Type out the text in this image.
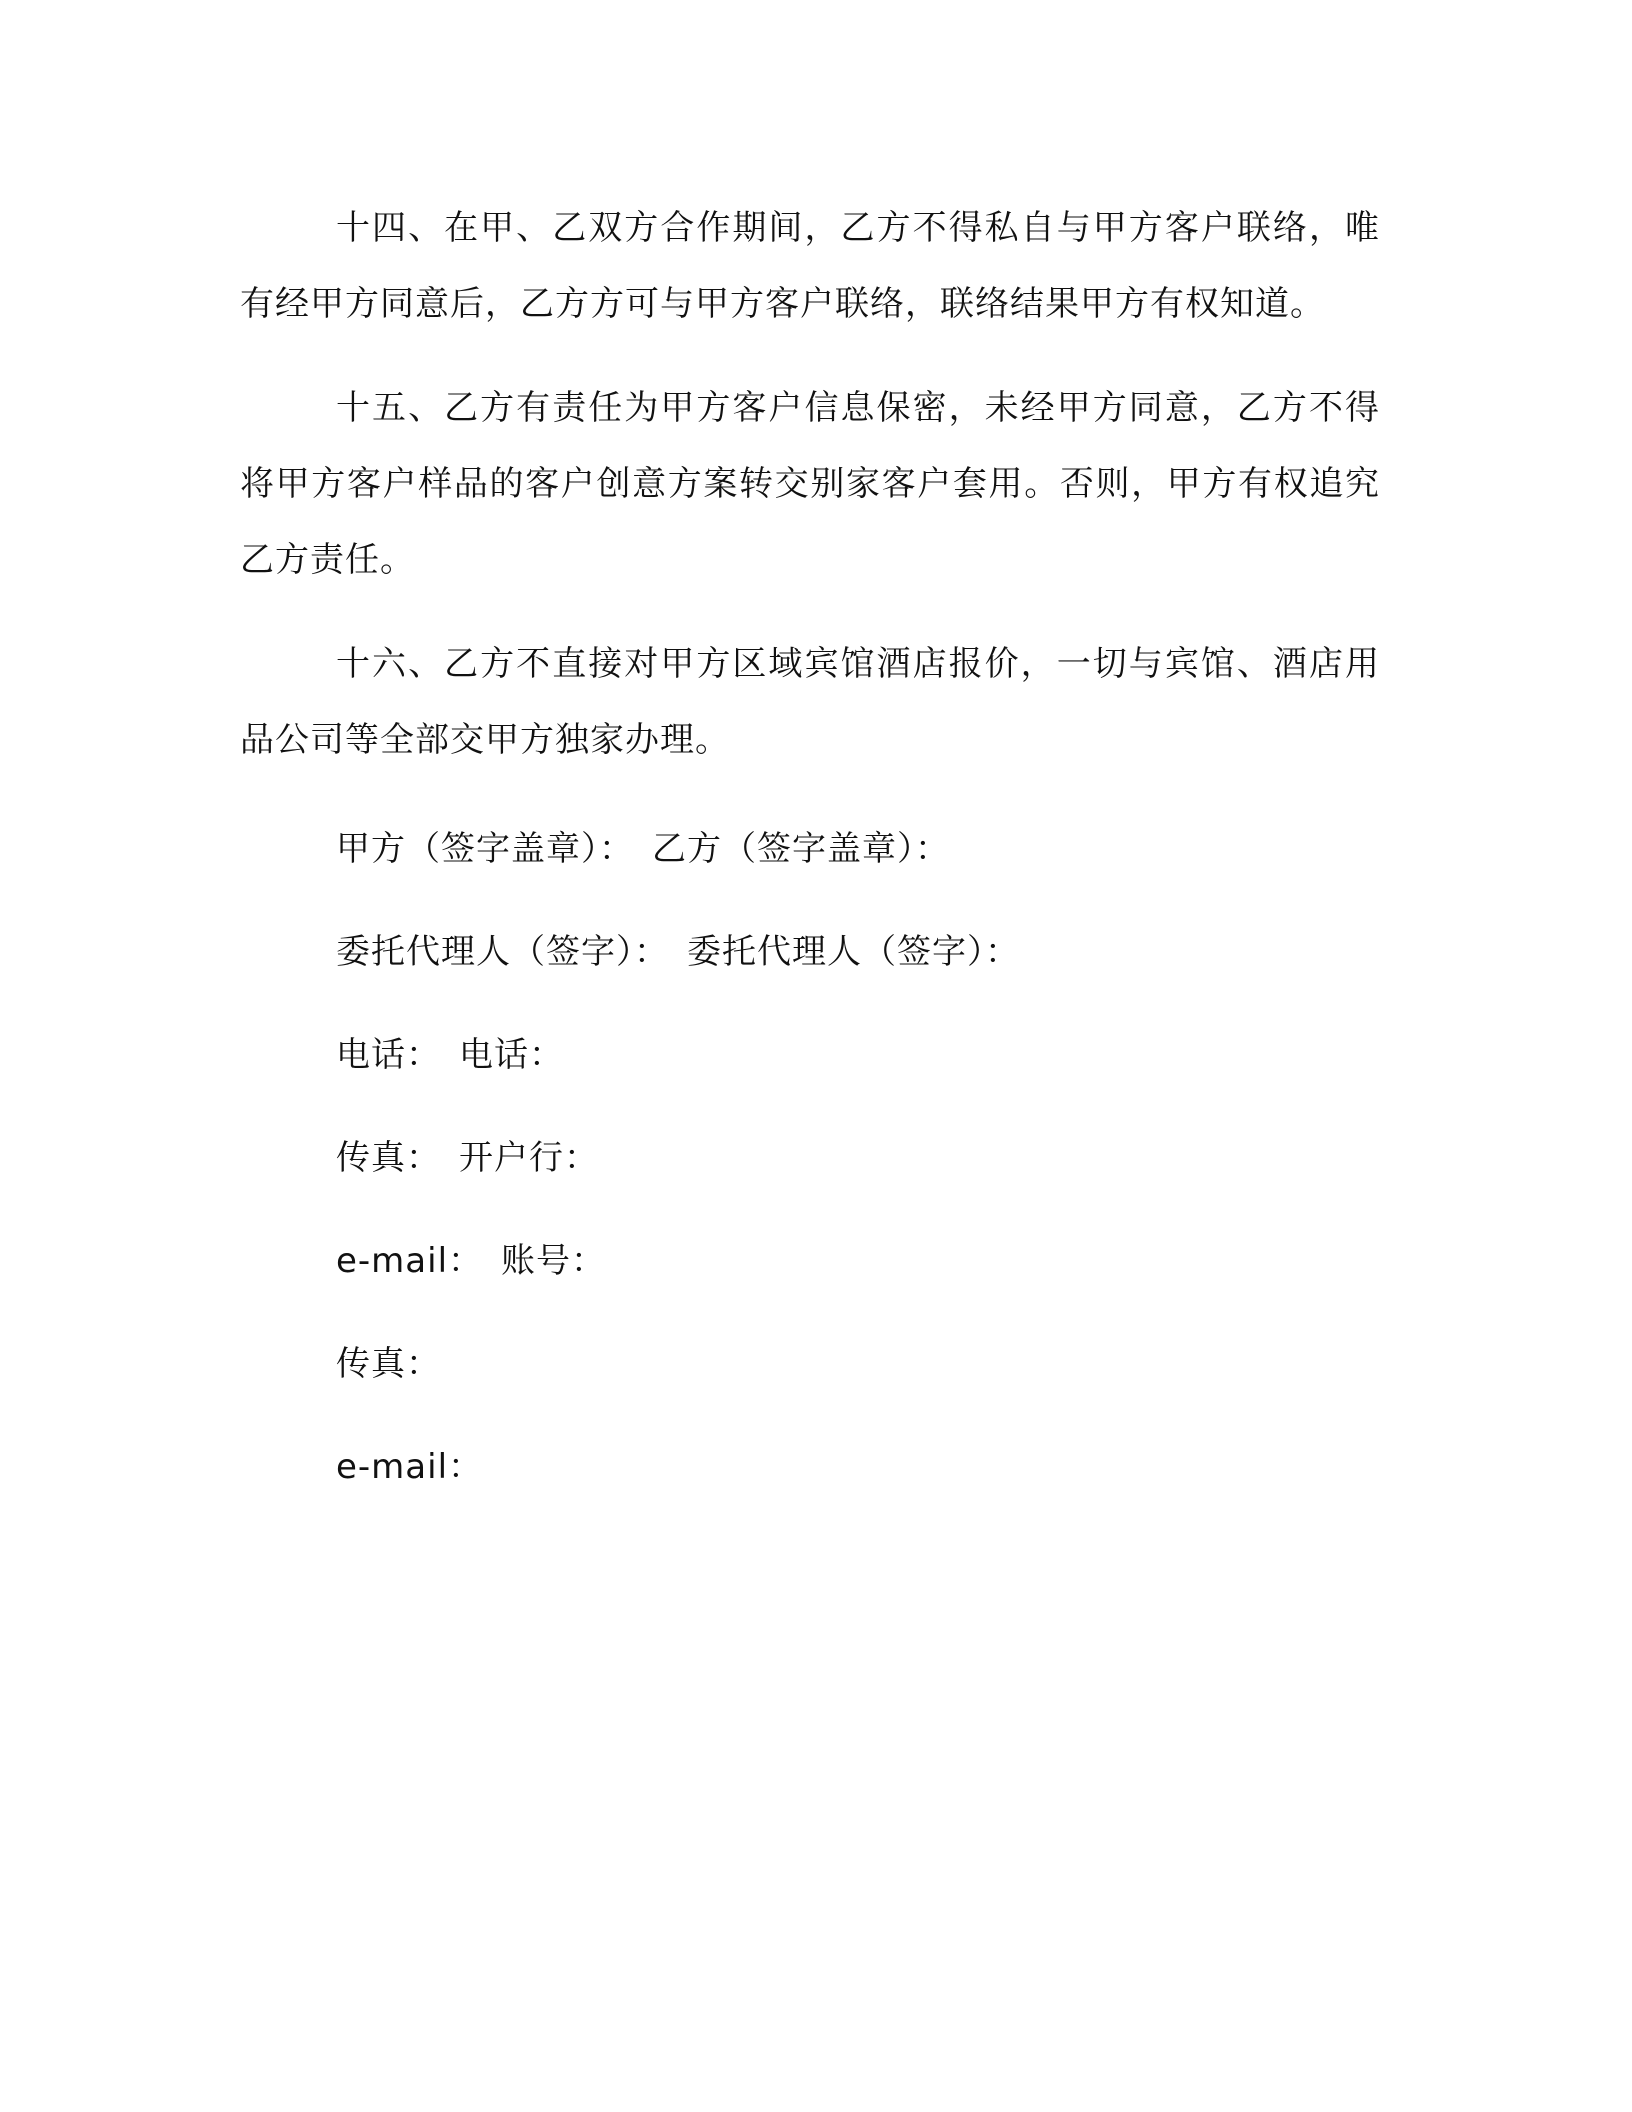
十四、在甲、乙双方合作期间，乙方不得私自与甲方客户联络，唯有经甲方同意后，乙方方可与甲方客户联络，联络结果甲方有权知道。

十五、乙方有责任为甲方客户信息保密，未经甲方同意，乙方不得将甲方客户样品的客户创意方案转交别家客户套用。否则，甲方有权追究乙方责任。

十六、乙方不直接对甲方区域宾馆酒店报价，一切与宾馆、酒店用品公司等全部交甲方独家办理。

甲方（签字盖章）： 乙方（签字盖章）：
委托代理人（签字）： 委托代理人（签字）：
电话： 电话：
传真： 开户行：
e-mail： 账号：
传真：
e-mail：
